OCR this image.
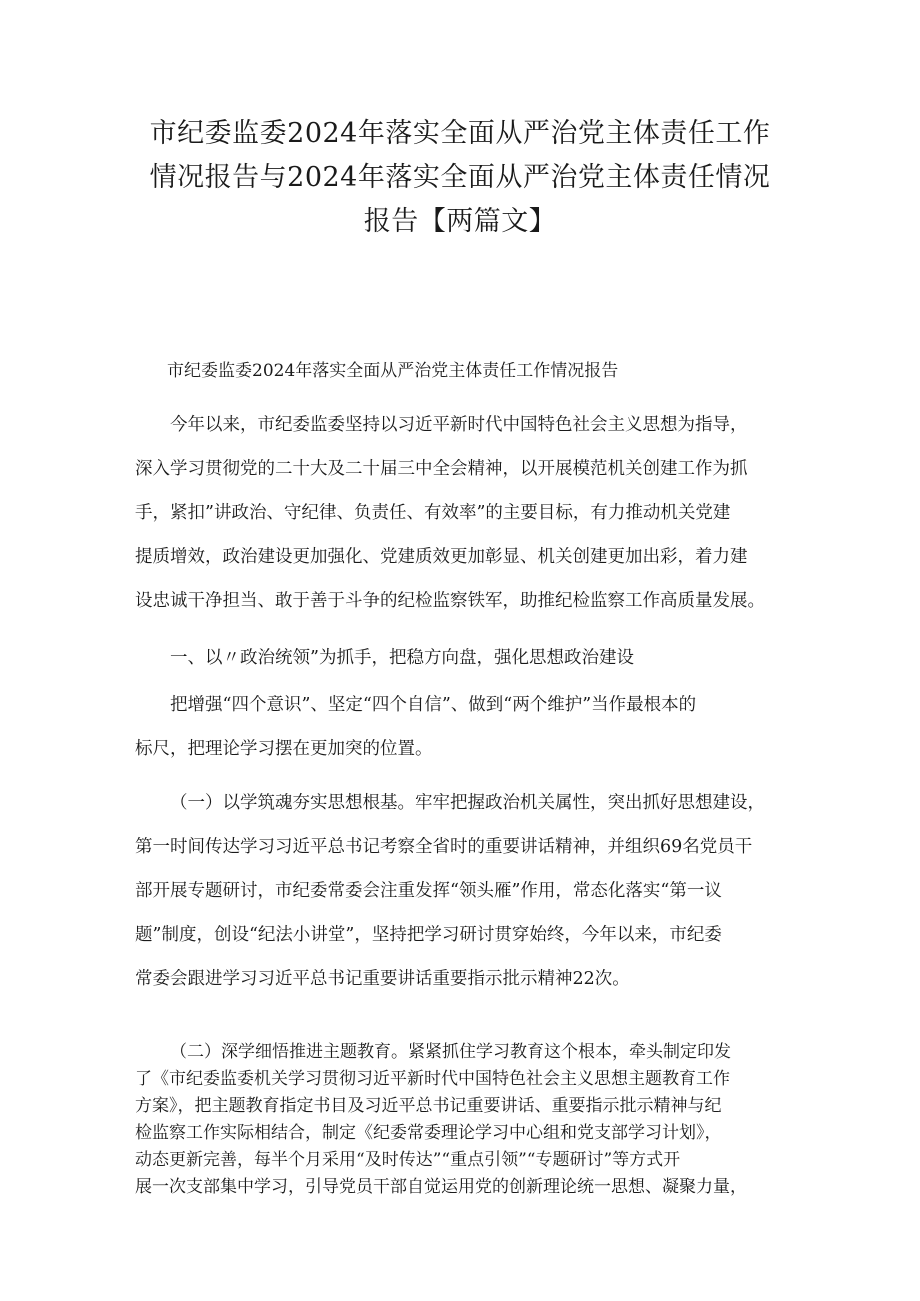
市纪委监委2024年落实全面从严治党主体责任工作
情况报告与2024年落实全面从严治党主体责任情况
报告【两篇文】

市纪委监委2024年落实全面从严治党主体责任工作情况报告

今年以来，市纪委监委坚持以习近平新时代中国特色社会主义思想为指导，
深入学习贯彻党的二十大及二十届三中全会精神，以开展模范机关创建工作为抓
手，紧扣”讲政治、守纪律、负责任、有效率”的主要目标，有力推动机关党建
提质增效，政治建设更加强化、党建质效更加彰显、机关创建更加出彩，着力建
设忠诚干净担当、敢于善于斗争的纪检监察铁军，助推纪检监察工作高质量发展。

一、以〃政治统领”为抓手，把稳方向盘，强化思想政治建设

把增强“四个意识”、坚定“四个自信”、做到“两个维护”当作最根本的
标尺，把理论学习摆在更加突的位置。

（一）以学筑魂夯实思想根基。牢牢把握政治机关属性，突出抓好思想建设，
第一时间传达学习习近平总书记考察全省时的重要讲话精神，并组织69名党员干
部开展专题研讨，市纪委常委会注重发挥“领头雁”作用，常态化落实“第一议
题”制度，创设“纪法小讲堂”，坚持把学习研讨贯穿始终，今年以来，市纪委
常委会跟进学习习近平总书记重要讲话重要指示批示精神22次。

（二）深学细悟推进主题教育。紧紧抓住学习教育这个根本，牵头制定印发
了《市纪委监委机关学习贯彻习近平新时代中国特色社会主义思想主题教育工作
方案》，把主题教育指定书目及习近平总书记重要讲话、重要指示批示精神与纪
检监察工作实际相结合，制定《纪委常委理论学习中心组和党支部学习计划》，
动态更新完善，每半个月采用“及时传达”“重点引领”“专题研讨”等方式开
展一次支部集中学习，引导党员干部自觉运用党的创新理论统一思想、凝聚力量，
